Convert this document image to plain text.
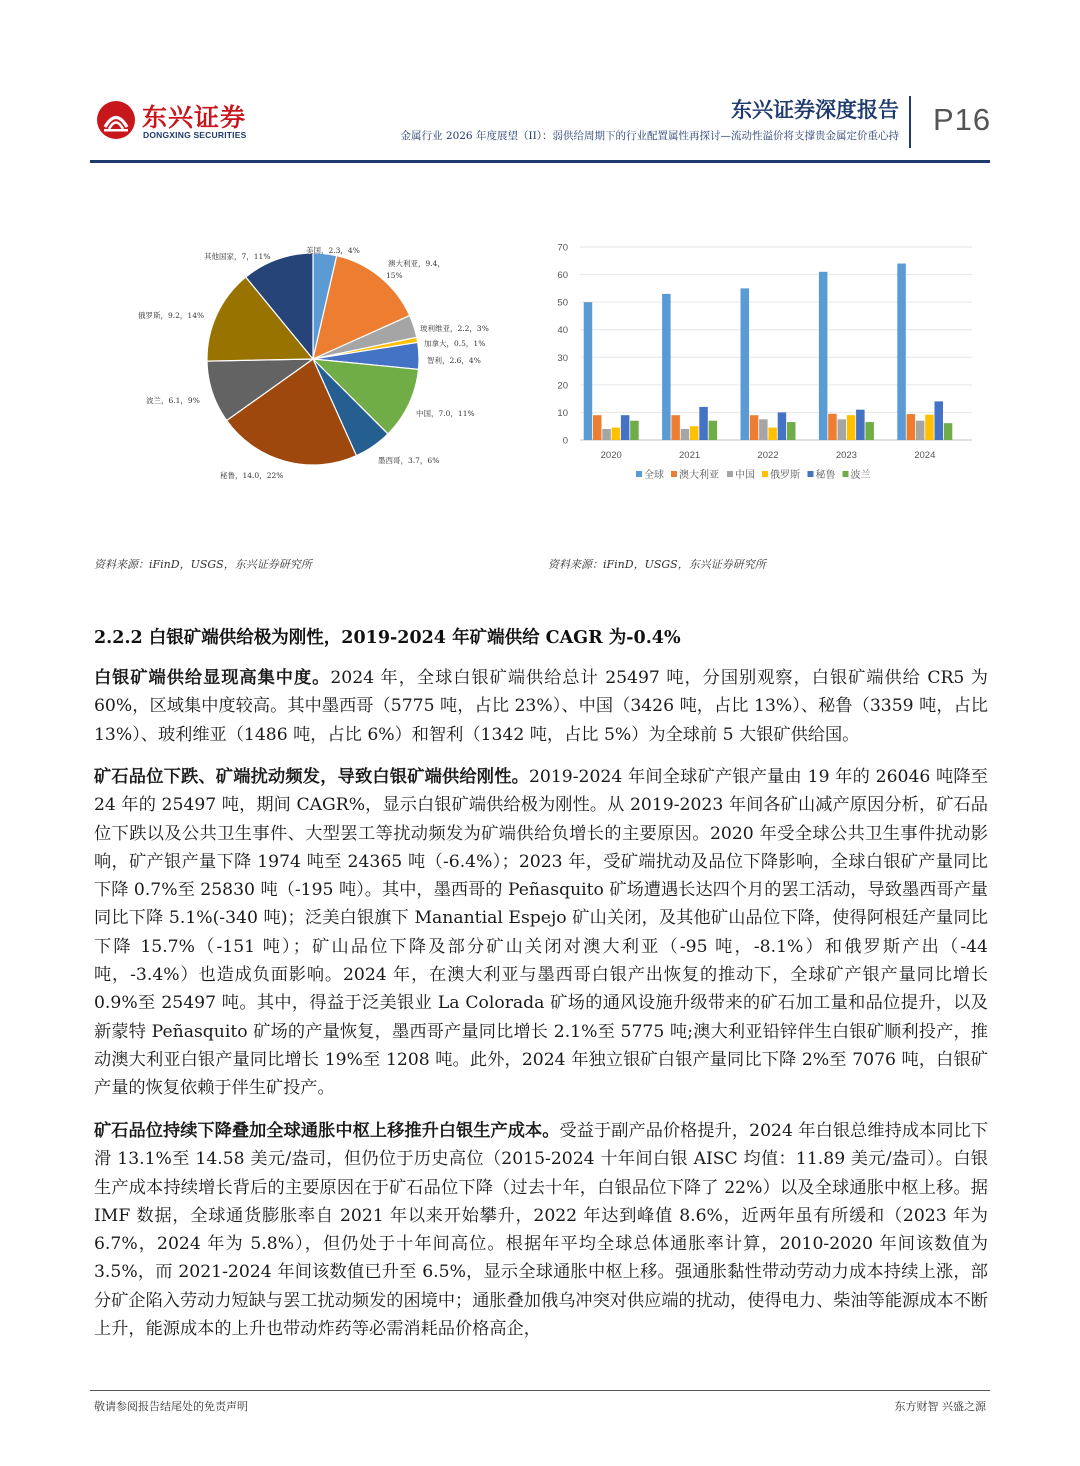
东兴证券
DONGXING SECURITIES
东兴证券深度报告
金属行业 2026 年度展望（II）：弱供给周期下的行业配置属性再探讨—流动性溢价将支撑贵金属定价重心持 P16
美国，2.3，4%
澳大利亚，9.4， 15%
玻利维亚，2.2，3%
加拿大，0.5，1%
智利，2.6，4%
中国，7.0，11%
墨西哥，3.7，6%
秘鲁，14.0，22%
波兰，6.1，9%
俄罗斯，9.2，14%
其他国家，7，11%
资料来源：iFinD，USGS，东兴证券研究所
0
10
20
30
40
50
60
70
2020	2021	2022	2023	2024
全球 澳大利亚 中国 俄罗斯 秘鲁 波兰
资料来源：iFinD，USGS，东兴证券研究所
2.2.2 白银矿端供给极为刚性，2019-2024 年矿端供给 CAGR 为-0.4%
白银矿端供给显现高集中度。2024 年，全球白银矿端供给总计 25497 吨，分国别观察，白银矿端供给 CR5 为 60%，区域集中度较高。其中墨西哥（5775 吨，占比 23%）、中国（3426 吨，占比 13%）、秘鲁（3359 吨，占比 13%）、玻利维亚（1486 吨，占比 6%）和智利（1342 吨，占比 5%）为全球前 5 大银矿供给国。
矿石品位下跌、矿端扰动频发，导致白银矿端供给刚性。2019-2024 年间全球矿产银产量由 19 年的 26046 吨降至 24 年的 25497 吨，期间 CAGR%，显示白银矿端供给极为刚性。从 2019-2023 年间各矿山减产原因分析，矿石品位下跌以及公共卫生事件、大型罢工等扰动频发为矿端供给负增长的主要原因。2020 年受全球公共卫生事件扰动影响，矿产银产量下降 1974 吨至 24365 吨（-6.4%）；2023 年，受矿端扰动及品位下降影响，全球白银矿产量同比下降 0.7%至 25830 吨（-195 吨）。其中，墨西哥的 Peñasquito 矿场遭遇长达四个月的罢工活动，导致墨西哥产量同比下降 5.1%(-340 吨)；泛美白银旗下 Manantial Espejo 矿山关闭，及其他矿山品位下降，使得阿根廷产量同比下降 15.7%（-151 吨）；矿山品位下降及部分矿山关闭对澳大利亚（-95 吨，-8.1%）和俄罗斯产出（-44 吨，-3.4%）也造成负面影响。2024 年，在澳大利亚与墨西哥白银产出恢复的推动下，全球矿产银产量同比增长 0.9%至 25497 吨。其中，得益于泛美银业 La Colorada 矿场的通风设施升级带来的矿石加工量和品位提升，以及新蒙特 Peñasquito 矿场的产量恢复，墨西哥产量同比增长 2.1%至 5775 吨;澳大利亚铅锌伴生白银矿顺利投产，推动澳大利亚白银产量同比增长 19%至 1208 吨。此外，2024 年独立银矿白银产量同比下降 2%至 7076 吨，白银矿产量的恢复依赖于伴生矿投产。
矿石品位持续下降叠加全球通胀中枢上移推升白银生产成本。受益于副产品价格提升，2024 年白银总维持成本同比下滑 13.1%至 14.58 美元/盎司，但仍位于历史高位（2015-2024 十年间白银 AISC 均值：11.89 美元/盎司）。白银生产成本持续增长背后的主要原因在于矿石品位下降（过去十年，白银品位下降了 22%）以及全球通胀中枢上移。据 IMF 数据，全球通货膨胀率自 2021 年以来开始攀升，2022 年达到峰值 8.6%，近两年虽有所缓和（2023 年为 6.7%，2024 年为 5.8%），但仍处于十年间高位。根据年平均全球总体通胀率计算，2010-2020 年间该数值为 3.5%，而 2021-2024 年间该数值已升至 6.5%，显示全球通胀中枢上移。强通胀黏性带动劳动力成本持续上涨，部分矿企陷入劳动力短缺与罢工扰动频发的困境中；通胀叠加俄乌冲突对供应端的扰动，使得电力、柴油等能源成本不断上升，能源成本的上升也带动炸药等必需消耗品价格高企，
敬请参阅报告结尾处的免责声明	东方财智 兴盛之源
